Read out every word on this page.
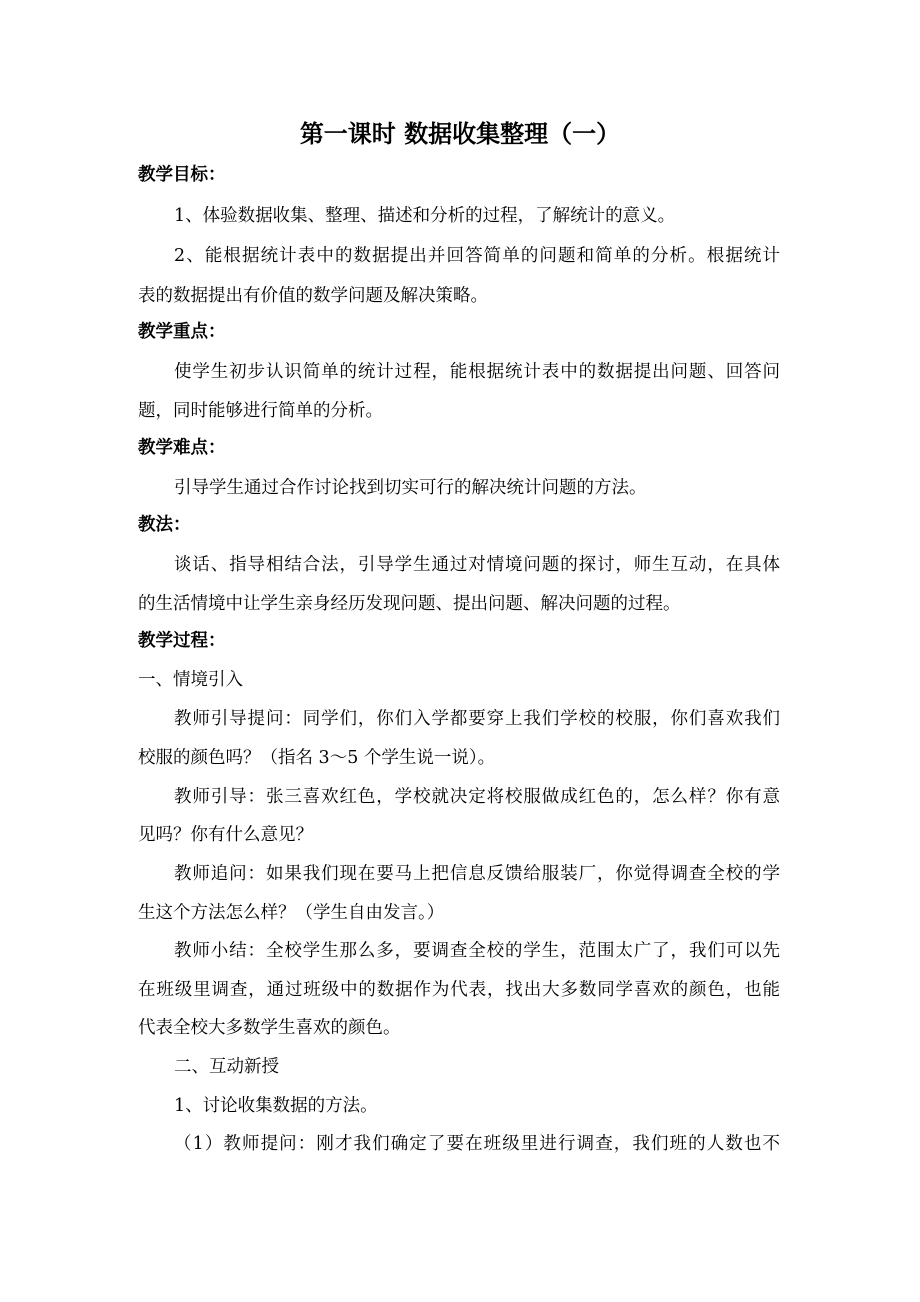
第一课时 数据收集整理（一）
教学目标：
1、体验数据收集、整理、描述和分析的过程，了解统计的意义。
2、能根据统计表中的数据提出并回答简单的问题和简单的分析。根据统计
表的数据提出有价值的数学问题及解决策略。
教学重点：
使学生初步认识简单的统计过程，能根据统计表中的数据提出问题、回答问
题，同时能够进行简单的分析。
教学难点：
引导学生通过合作讨论找到切实可行的解决统计问题的方法。
教法：
谈话、指导相结合法，引导学生通过对情境问题的探讨，师生互动，在具体
的生活情境中让学生亲身经历发现问题、提出问题、解决问题的过程。
教学过程：
一、情境引入
教师引导提问：同学们，你们入学都要穿上我们学校的校服，你们喜欢我们
校服的颜色吗？（指名 3～5 个学生说一说）。
教师引导：张三喜欢红色，学校就决定将校服做成红色的，怎么样？你有意
见吗？你有什么意见？
教师追问：如果我们现在要马上把信息反馈给服装厂，你觉得调查全校的学
生这个方法怎么样？（学生自由发言。）
教师小结：全校学生那么多，要调查全校的学生，范围太广了，我们可以先
在班级里调查，通过班级中的数据作为代表，找出大多数同学喜欢的颜色，也能
代表全校大多数学生喜欢的颜色。
二、互动新授
1、讨论收集数据的方法。
（1）教师提问：刚才我们确定了要在班级里进行调查，我们班的人数也不
